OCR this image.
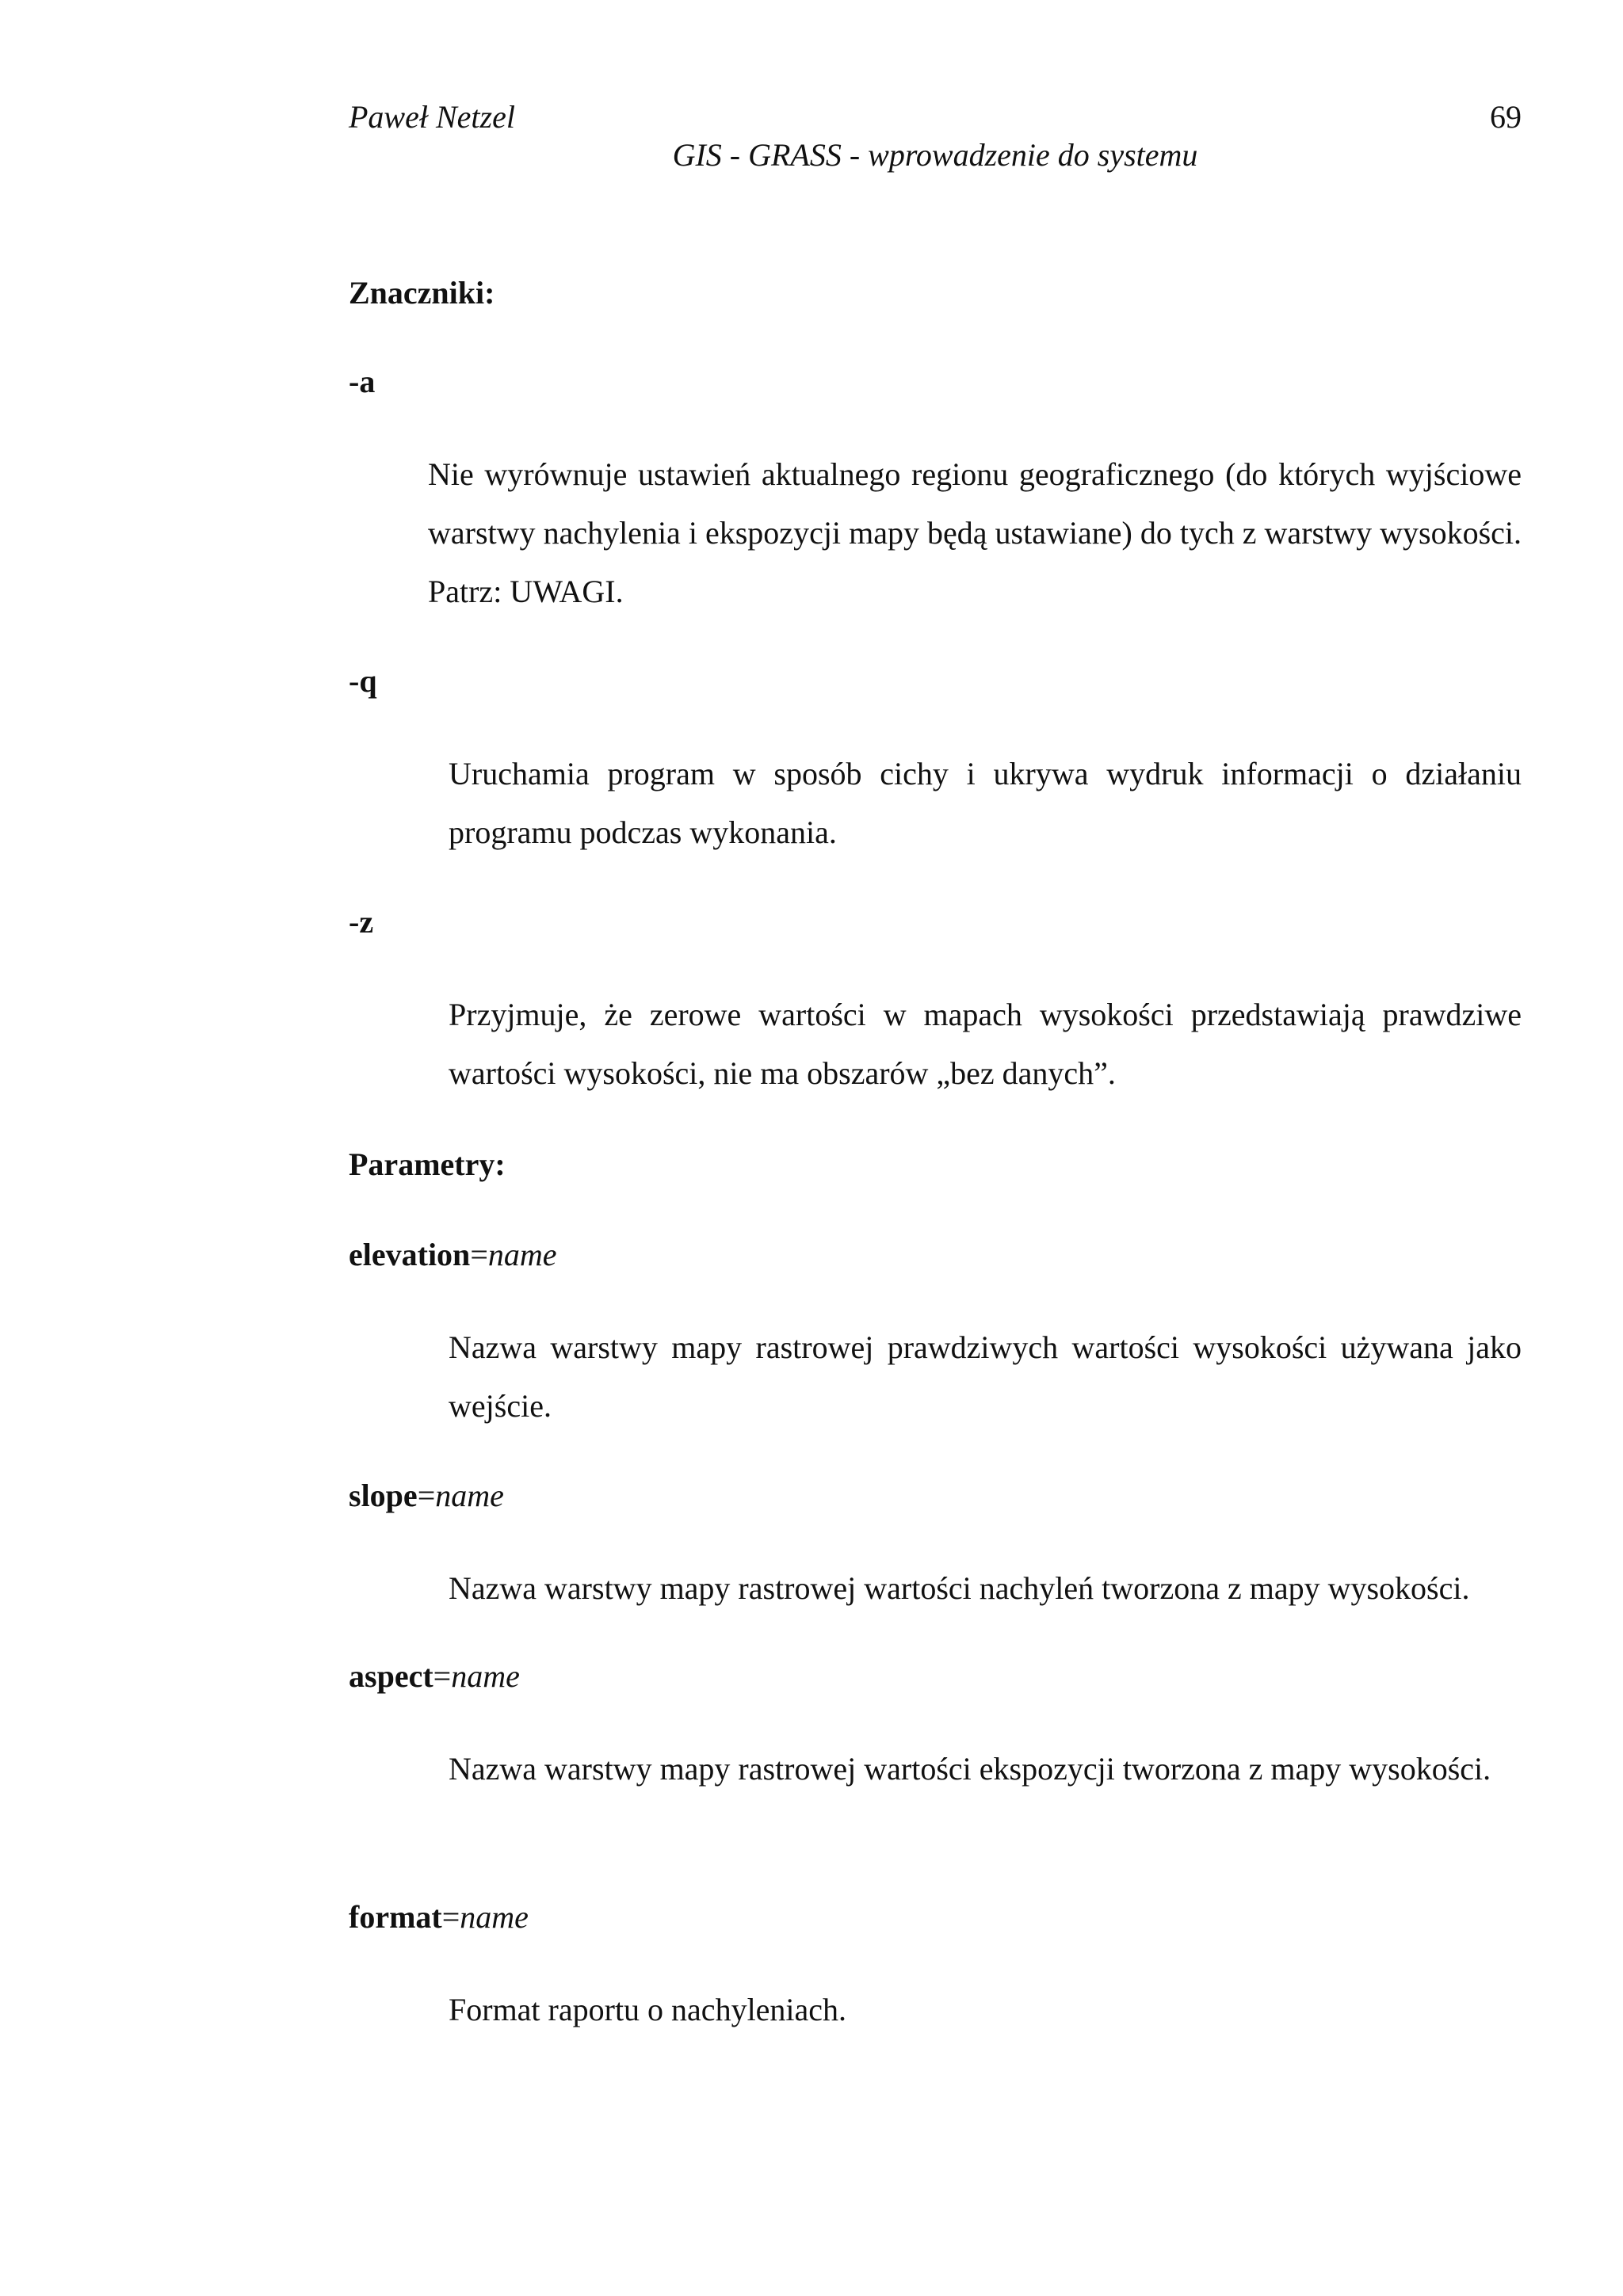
Paweł Netzel	69
GIS - GRASS - wprowadzenie do systemu
Znaczniki:
-a
Nie wyrównuje ustawień aktualnego regionu geograficznego (do których wyjściowe warstwy nachylenia i ekspozycji mapy będą ustawiane) do tych z warstwy wysokości. Patrz: UWAGI.
-q
Uruchamia program w sposób cichy i ukrywa wydruk informacji o działaniu programu podczas wykonania.
-z
Przyjmuje, że zerowe wartości w mapach wysokości przedstawiają prawdziwe wartości wysokości, nie ma obszarów „bez danych”.
Parametry:
elevation=name
Nazwa warstwy mapy rastrowej prawdziwych wartości wysokości używana jako wejście.
slope=name
Nazwa warstwy mapy rastrowej wartości nachyleń tworzona z mapy wysokości.
aspect=name
Nazwa warstwy mapy rastrowej wartości ekspozycji tworzona z mapy wysokości.
format=name
Format raportu o nachyleniach.
